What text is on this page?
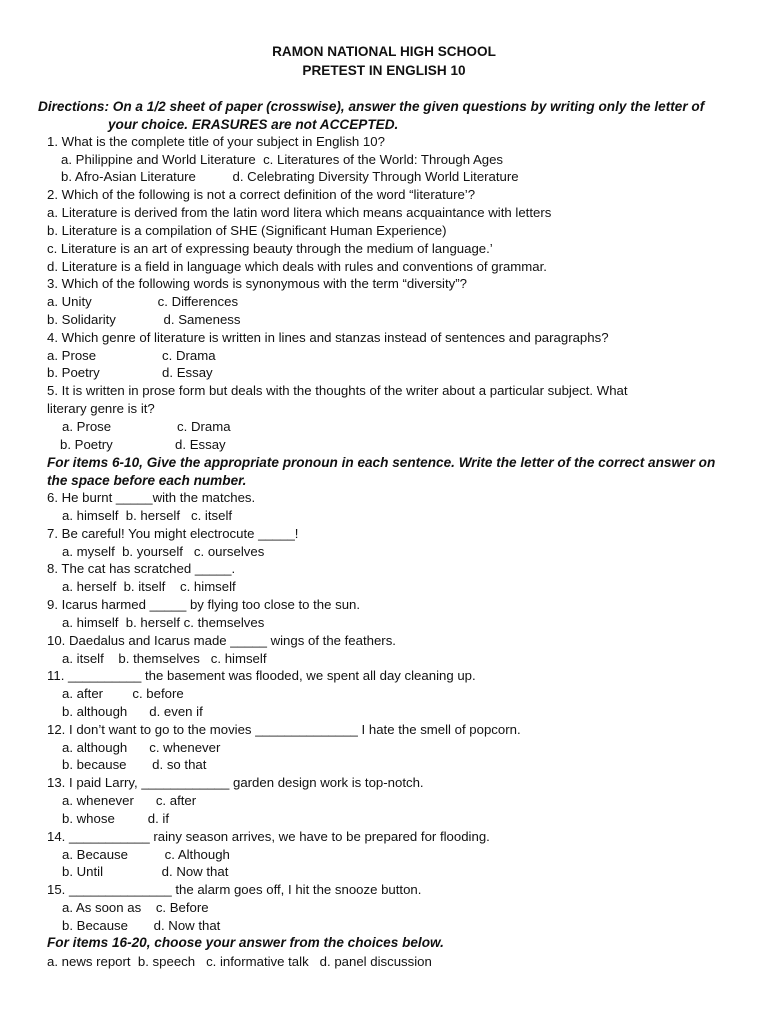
RAMON NATIONAL HIGH SCHOOL
PRETEST IN ENGLISH 10
Directions: On a 1/2 sheet of paper (crosswise), answer the given questions by writing only the letter of
your choice. ERASURES are not ACCEPTED.
1. What is the complete title of your subject in English 10?
a. Philippine and World Literature  c. Literatures of the World: Through Ages
b. Afro-Asian Literature          d. Celebrating Diversity Through World Literature
2. Which of the following is not a correct definition of the word “literature’?
a. Literature is derived from the latin word litera which means acquaintance with letters
b. Literature is a compilation of SHE (Significant Human Experience)
c. Literature is an art of expressing beauty through the medium of language.’
d. Literature is a field in language which deals with rules and conventions of grammar.
3. Which of the following words is synonymous with the term “diversity”?
a. Unity                  c. Differences
b. Solidarity             d. Sameness
4. Which genre of literature is written in lines and stanzas instead of sentences and paragraphs?
a. Prose                  c. Drama
b. Poetry                 d. Essay
5. It is written in prose form but deals with the thoughts of the writer about a particular subject. What
literary genre is it?
a. Prose                  c. Drama
b. Poetry                 d. Essay
For items 6-10, Give the appropriate pronoun in each sentence. Write the letter of the correct answer on
the space before each number.
6. He burnt _____with the matches.
a. himself  b. herself   c. itself
7. Be careful! You might electrocute _____!
a. myself  b. yourself   c. ourselves
8. The cat has scratched _____.
a. herself  b. itself    c. himself
9. Icarus harmed _____ by flying too close to the sun.
a. himself  b. herself c. themselves
10. Daedalus and Icarus made _____ wings of the feathers.
a. itself    b. themselves   c. himself
11. __________ the basement was flooded, we spent all day cleaning up.
a. after        c. before
b. although      d. even if
12. I don’t want to go to the movies ______________ I hate the smell of popcorn.
a. although      c. whenever
b. because       d. so that
13. I paid Larry, ____________ garden design work is top-notch.
a. whenever      c. after
b. whose         d. if
14. ___________ rainy season arrives, we have to be prepared for flooding.
a. Because          c. Although
b. Until                d. Now that
15. ______________ the alarm goes off, I hit the snooze button.
a. As soon as    c. Before
b. Because       d. Now that
For items 16-20, choose your answer from the choices below.
a. news report  b. speech   c. informative talk   d. panel discussion
